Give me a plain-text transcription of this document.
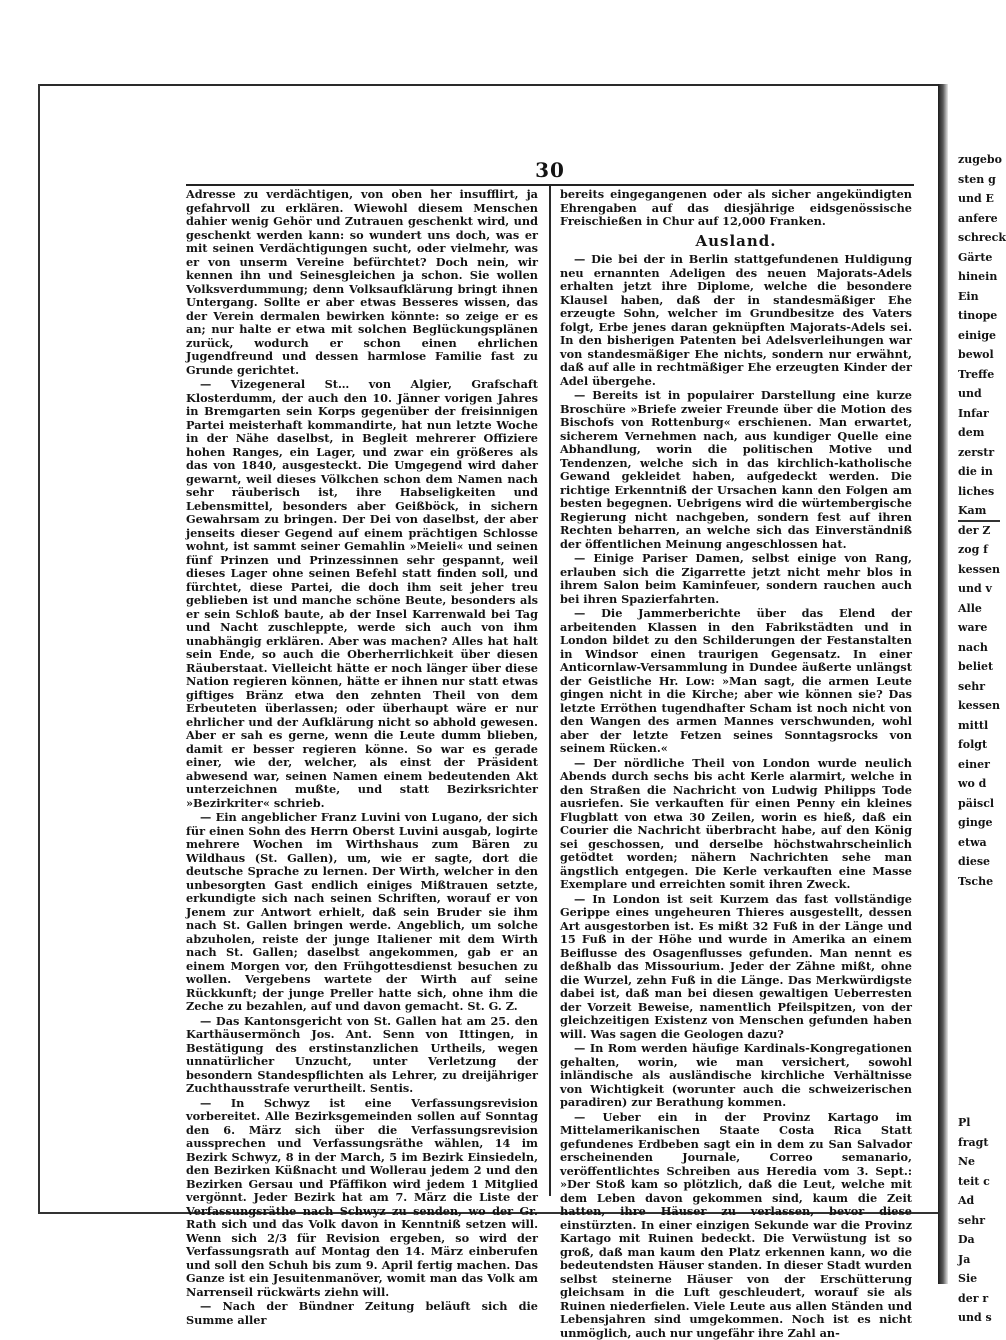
30

Adresse zu verdächtigen, von oben her insufflirt, ja gefahrvoll zu erklären. Wiewohl diesem Menschen dahier wenig Gehör und Zutrauen geschenkt wird, und geschenkt werden kann: so wundert uns doch, was er mit seinen Verdächtigungen sucht, oder vielmehr, was er von unserm Vereine befürchtet? Doch nein, wir kennen ihn und Seinesgleichen ja schon. Sie wollen Volksverdummung; denn Volksaufklärung bringt ihnen Untergang. Sollte er aber etwas Besseres wissen, das der Verein dermalen bewirken könnte: so zeige er es an; nur halte er etwa mit solchen Beglückungsplänen zurück, wodurch er schon einen ehrlichen Jugendfreund und dessen harmlose Familie fast zu Grunde gerichtet.

— Vizegeneral St… von Algier, Grafschaft Klosterdumm, der auch den 10. Jänner vorigen Jahres in Bremgarten sein Korps gegenüber der freisinnigen Partei meisterhaft kommandirte, hat nun letzte Woche in der Nähe daselbst, in Begleit mehrerer Offiziere hohen Ranges, ein Lager, und zwar ein größeres als das von 1840, ausgesteckt. Die Umgegend wird daher gewarnt, weil dieses Völkchen schon dem Namen nach sehr räuberisch ist, ihre Habseligkeiten und Lebensmittel, besonders aber Geißböck, in sichern Gewahrsam zu bringen. Der Dei von daselbst, der aber jenseits dieser Gegend auf einem prächtigen Schlosse wohnt, ist sammt seiner Gemahlin »Meieli« und seinen fünf Prinzen und Prinzessinnen sehr gespannt, weil dieses Lager ohne seinen Befehl statt finden soll, und fürchtet, diese Partei, die doch ihm seit jeher treu geblieben ist und manche schöne Beute, besonders als er sein Schloß baute, ab der Insel Karrenwald bei Tag und Nacht zuschleppte, werde sich auch von ihm unabhängig erklären. Aber was machen? Alles hat halt sein Ende, so auch die Oberherrlichkeit über diesen Räuberstaat. Vielleicht hätte er noch länger über diese Nation regieren können, hätte er ihnen nur statt etwas giftiges Bränz etwa den zehnten Theil von dem Erbeuteten überlassen; oder überhaupt wäre er nur ehrlicher und der Aufklärung nicht so abhold gewesen. Aber er sah es gerne, wenn die Leute dumm blieben, damit er besser regieren könne. So war es gerade einer, wie der, welcher, als einst der Präsident abwesend war, seinen Namen einem bedeutenden Akt unterzeichnen mußte, und statt Bezirksrichter »Bezirkriter« schrieb.

— Ein angeblicher Franz Luvini von Lugano, der sich für einen Sohn des Herrn Oberst Luvini ausgab, logirte mehrere Wochen im Wirthshaus zum Bären zu Wildhaus (St. Gallen), um, wie er sagte, dort die deutsche Sprache zu lernen. Der Wirth, welcher in den unbesorgten Gast endlich einiges Mißtrauen setzte, erkundigte sich nach seinen Schriften, worauf er von Jenem zur Antwort erhielt, daß sein Bruder sie ihm nach St. Gallen bringen werde. Angeblich, um solche abzuholen, reiste der junge Italiener mit dem Wirth nach St. Gallen; daselbst angekommen, gab er an einem Morgen vor, den Frühgottesdienst besuchen zu wollen. Vergebens wartete der Wirth auf seine Rückkunft; der junge Preller hatte sich, ohne ihm die Zeche zu bezahlen, auf und davon gemacht. St. G. Z.

— Das Kantonsgericht von St. Gallen hat am 25. den Karthäusermönch Jos. Ant. Senn von Ittingen, in Bestätigung des erstinstanzlichen Urtheils, wegen unnatürlicher Unzucht, unter Verletzung der besondern Standespflichten als Lehrer, zu dreijähriger Zuchthausstrafe verurtheilt. Sentis.

— In Schwyz ist eine Verfassungsrevision vorbereitet. Alle Bezirksgemeinden sollen auf Sonntag den 6. März sich über die Verfassungsrevision aussprechen und Verfassungsräthe wählen, 14 im Bezirk Schwyz, 8 in der March, 5 im Bezirk Einsiedeln, den Bezirken Küßnacht und Wollerau jedem 2 und den Bezirken Gersau und Pfäffikon wird jedem 1 Mitglied vergönnt. Jeder Bezirk hat am 7. März die Liste der Verfassungsräthe nach Schwyz zu senden, wo der Gr. Rath sich und das Volk davon in Kenntniß setzen will. Wenn sich 2/3 für Revision ergeben, so wird der Verfassungsrath auf Montag den 14. März einberufen und soll den Schuh bis zum 9. April fertig machen. Das Ganze ist ein Jesuitenmanöver, womit man das Volk am Narrenseil rückwärts ziehn will.

— Nach der Bündner Zeitung beläuft sich die Summe aller

bereits eingegangenen oder als sicher angekündigten Ehrengaben auf das diesjährige eidsgenössische Freischießen in Chur auf 12,000 Franken.

Ausland.

— Die bei der in Berlin stattgefundenen Huldigung neu ernannten Adeligen des neuen Majorats-Adels erhalten jetzt ihre Diplome, welche die besondere Klausel haben, daß der in standesmäßiger Ehe erzeugte Sohn, welcher im Grundbesitze des Vaters folgt, Erbe jenes daran geknüpften Majorats-Adels sei. In den bisherigen Patenten bei Adelsverleihungen war von standesmäßiger Ehe nichts, sondern nur erwähnt, daß auf alle in rechtmäßiger Ehe erzeugten Kinder der Adel übergehe.

— Bereits ist in populairer Darstellung eine kurze Broschüre »Briefe zweier Freunde über die Motion des Bischofs von Rottenburg« erschienen. Man erwartet, sicherem Vernehmen nach, aus kundiger Quelle eine Abhandlung, worin die politischen Motive und Tendenzen, welche sich in das kirchlich-katholische Gewand gekleidet haben, aufgedeckt werden. Die richtige Erkenntniß der Ursachen kann den Folgen am besten begegnen. Uebrigens wird die würtembergische Regierung nicht nachgeben, sondern fest auf ihren Rechten beharren, an welche sich das Einverständniß der öffentlichen Meinung angeschlossen hat.

— Einige Pariser Damen, selbst einige von Rang, erlauben sich die Zigarrette jetzt nicht mehr blos in ihrem Salon beim Kaminfeuer, sondern rauchen auch bei ihren Spazierfahrten.

— Die Jammerberichte über das Elend der arbeitenden Klassen in den Fabrikstädten und in London bildet zu den Schilderungen der Festanstalten in Windsor einen traurigen Gegensatz. In einer Anticornlaw-Versammlung in Dundee äußerte unlängst der Geistliche Hr. Low: »Man sagt, die armen Leute gingen nicht in die Kirche; aber wie können sie? Das letzte Erröthen tugendhafter Scham ist noch nicht von den Wangen des armen Mannes verschwunden, wohl aber der letzte Fetzen seines Sonntagsrocks von seinem Rücken.«

— Der nördliche Theil von London wurde neulich Abends durch sechs bis acht Kerle alarmirt, welche in den Straßen die Nachricht von Ludwig Philipps Tode ausriefen. Sie verkauften für einen Penny ein kleines Flugblatt von etwa 30 Zeilen, worin es hieß, daß ein Courier die Nachricht überbracht habe, auf den König sei geschossen, und derselbe höchstwahrscheinlich getödtet worden; nähern Nachrichten sehe man ängstlich entgegen. Die Kerle verkauften eine Masse Exemplare und erreichten somit ihren Zweck.

— In London ist seit Kurzem das fast vollständige Gerippe eines ungeheuren Thieres ausgestellt, dessen Art ausgestorben ist. Es mißt 32 Fuß in der Länge und 15 Fuß in der Höhe und wurde in Amerika an einem Beiflusse des Osagenflusses gefunden. Man nennt es deßhalb das Missourium. Jeder der Zähne mißt, ohne die Wurzel, zehn Fuß in die Länge. Das Merkwürdigste dabei ist, daß man bei diesen gewaltigen Ueberresten der Vorzeit Beweise, namentlich Pfeilspitzen, von der gleichzeitigen Existenz von Menschen gefunden haben will. Was sagen die Geologen dazu?

— In Rom werden häufige Kardinals-Kongregationen gehalten, worin, wie man versichert, sowohl inländische als ausländische kirchliche Verhältnisse von Wichtigkeit (worunter auch die schweizerischen paradiren) zur Berathung kommen.

— Ueber ein in der Provinz Kartago im Mittelamerikanischen Staate Costa Rica Statt gefundenes Erdbeben sagt ein in dem zu San Salvador erscheinenden Journale, Correo semanario, veröffentlichtes Schreiben aus Heredia vom 3. Sept.: »Der Stoß kam so plötzlich, daß die Leut, welche mit dem Leben davon gekommen sind, kaum die Zeit hatten, ihre Häuser zu verlassen, bevor diese einstürzten. In einer einzigen Sekunde war die Provinz Kartago mit Ruinen bedeckt. Die Verwüstung ist so groß, daß man kaum den Platz erkennen kann, wo die bedeutendsten Häuser standen. In dieser Stadt wurden selbst steinerne Häuser von der Erschütterung gleichsam in die Luft geschleudert, worauf sie als Ruinen niederfielen. Viele Leute aus allen Ständen und Lebensjahren sind umgekommen. Noch ist es nicht unmöglich, auch nur ungefähr ihre Zahl an-

zugebo
sten g
und E
anfere
schreck
Gärte
hinein
Ein
tinope
einige
bewol
Treffe
und
Infar
dem
zerstr
die in
liches
Kam
der Z
zog f
kessen
und v
Alle
ware
nach
beliet
sehr
kessen
mittl
folgt
einer
wo d
päiscl
ginge
etwa
diese
Tsche
Pl
fragt
Ne
teit c
Ad
sehr
Da
Ja
Sie
der r
und s
